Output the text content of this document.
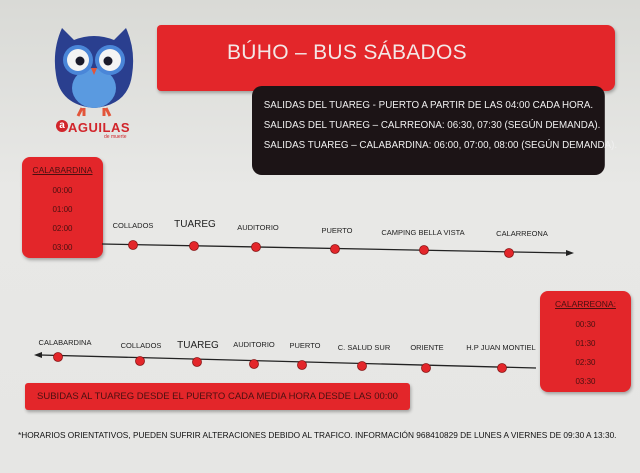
a AGUILAS
de muerte
BÚHO – BUS SÁBADOS
SALIDAS DEL TUAREG - PUERTO A PARTIR DE LAS 04:00 CADA HORA.
SALIDAS DEL TUAREG – CALRREONA: 06:30, 07:30 (SEGÚN DEMANDA).
SALIDAS TUAREG – CALABARDINA: 06:00, 07:00, 08:00 (SEGÚN DEMANDA).
CALABARDINA
00:00
01:00
02:00
03:00
COLLADOS TUAREG	AUDITORIO	PUERTO	CAMPING BELLA VISTA	CALARREONA
CALARREONA:
00:30
01:30
02:30
03:30
CALABARDINA	COLLADOS TUAREG AUDITORIO PUERTO C. SALUD SUR	ORIENTE	H.P JUAN MONTIEL
SUBIDAS AL TUAREG DESDE EL PUERTO CADA MEDIA HORA DESDE LAS 00:00
*HORARIOS ORIENTATIVOS, PUEDEN SUFRIR ALTERACIONES DEBIDO AL TRAFICO. INFORMACIÓN 968410829 DE LUNES A VIERNES DE 09:30 A 13:30.
